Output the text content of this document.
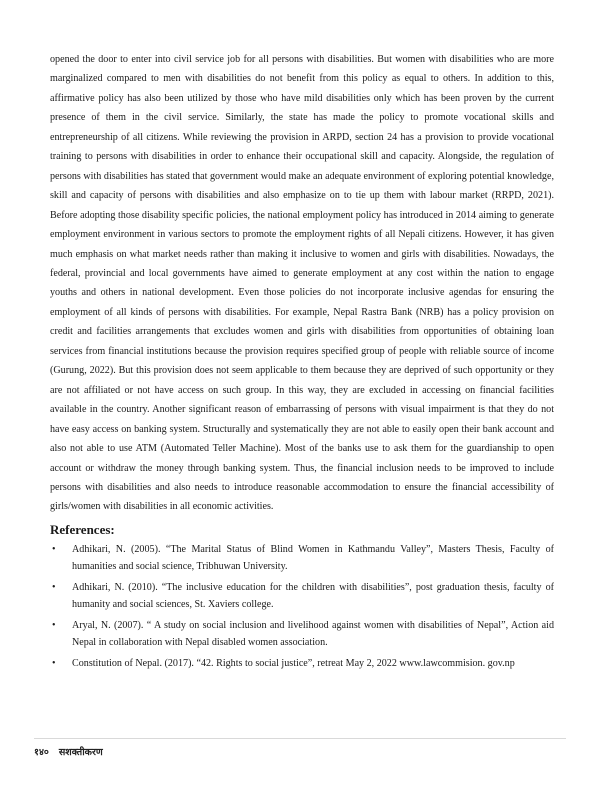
opened the door to enter into civil service job for all persons with disabilities. But women with disabilities who are more marginalized compared to men with disabilities do not benefit from this policy as equal to others. In addition to this, affirmative policy has also been utilized by those who have mild disabilities only which has been proven by the current presence of them in the civil service. Similarly, the state has made the policy to promote vocational skills and entrepreneurship of all citizens. While reviewing the provision in ARPD, section 24 has a provision to provide vocational training to persons with disabilities in order to enhance their occupational skill and capacity. Alongside, the regulation of persons with disabilities has stated that government would make an adequate environment of exploring potential knowledge, skill and capacity of persons with disabilities and also emphasize on to tie up them with labour market (RRPD, 2021). Before adopting those disability specific policies, the national employment policy has introduced in 2014 aiming to generate employment environment in various sectors to promote the employment rights of all Nepali citizens. However, it has given much emphasis on what market needs rather than making it inclusive to women and girls with disabilities. Nowadays, the federal, provincial and local governments have aimed to generate employment at any cost within the nation to engage youths and others in national development. Even those policies do not incorporate inclusive agendas for ensuring the employment of all kinds of persons with disabilities. For example, Nepal Rastra Bank (NRB) has a policy provision on credit and facilities arrangements that excludes women and girls with disabilities from opportunities of obtaining loan services from financial institutions because the provision requires specified group of people with reliable source of income (Gurung, 2022). But this provision does not seem applicable to them because they are deprived of such opportunity or they are not affiliated or not have access on such group. In this way, they are excluded in accessing on financial facilities available in the country. Another significant reason of embarrassing of persons with visual impairment is that they do not have easy access on banking system. Structurally and systematically they are not able to easily open their bank account and also not able to use ATM (Automated Teller Machine). Most of the banks use to ask them for the guardianship to open account or withdraw the money through banking system. Thus, the financial inclusion needs to be improved to include persons with disabilities and also needs to introduce reasonable accommodation to ensure the financial accessibility of girls/women with disabilities in all economic activities.

References:
• Adhikari, N. (2005). “The Marital Status of Blind Women in Kathmandu Valley”, Masters Thesis, Faculty of humanities and social science, Tribhuwan University.
• Adhikari, N. (2010). “The inclusive education for the children with disabilities”, post graduation thesis, faculty of humanity and social sciences, St. Xaviers college.
• Aryal, N. (2007). “ A study on social inclusion and livelihood against women with disabilities of Nepal”, Action aid Nepal in collaboration with Nepal disabled women association.
• Constitution of Nepal. (2017). “42. Rights to social justice”, retreat May 2, 2022 www.lawcommision. gov.np
१४० सशक्तीकरण
